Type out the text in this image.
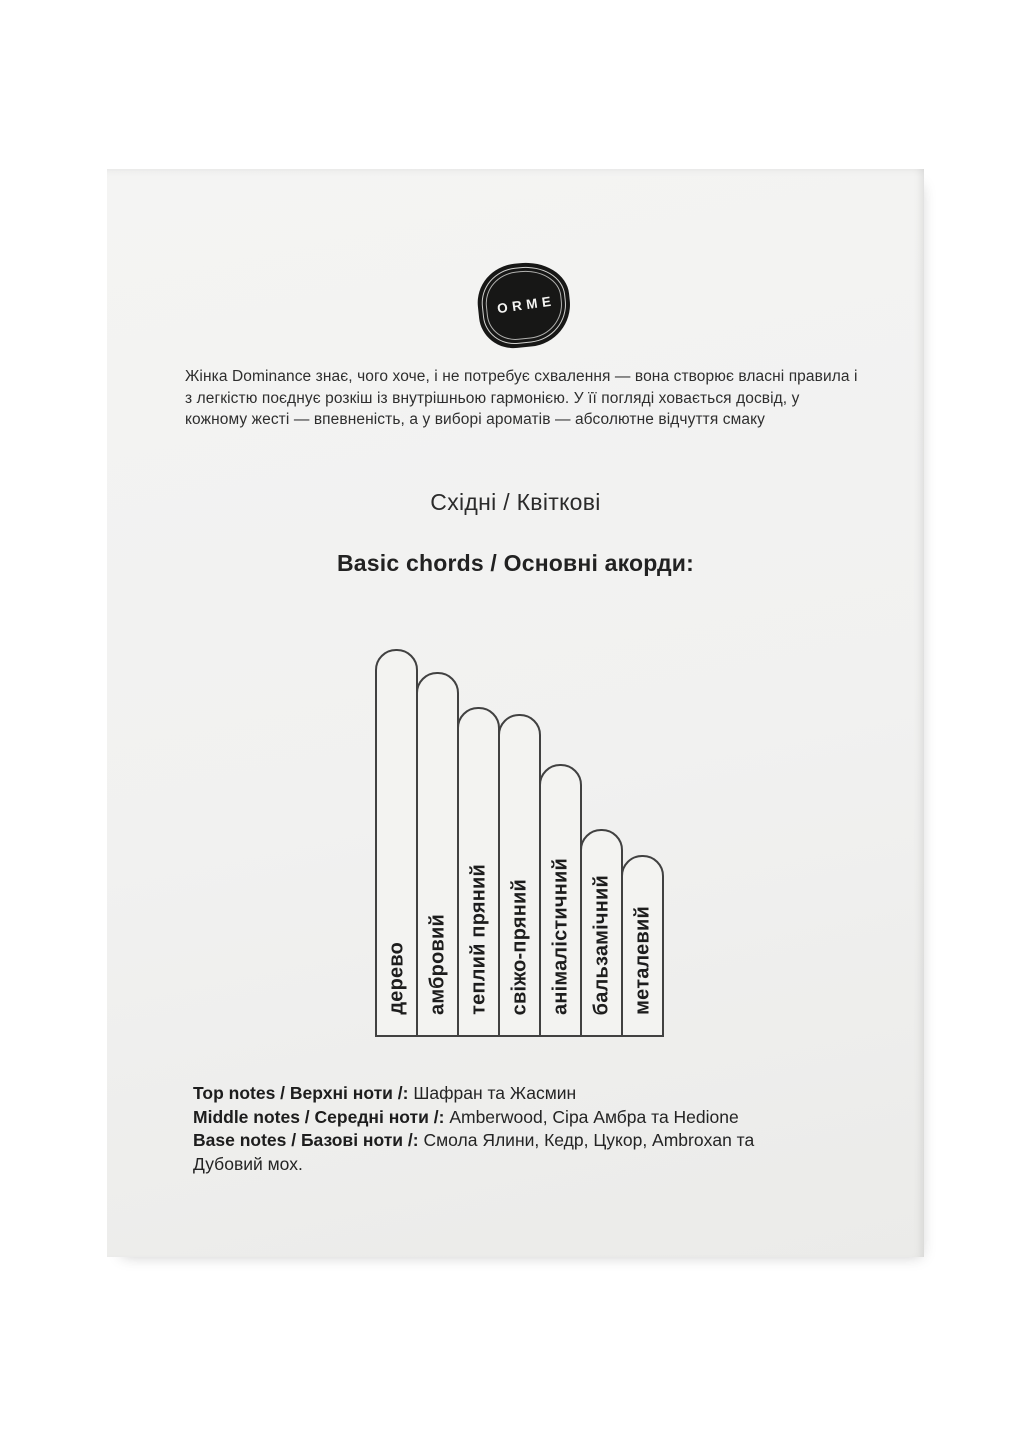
ORME
Жінка Dominance знає, чого хоче, і не потребує схвалення — вона створює власні правила і
з легкістю поєднує розкіш із внутрішньою гармонією. У її погляді ховається досвід, у
кожному жесті — впевненість, а у виборі ароматів — абсолютне відчуття смаку
Східні / Квіткові
Basic chords / Основні акорди:
дерево амбровий теплий пряний свіжо-пряний анімалістичний бальзамічний металевий
Top notes / Верхні ноти /: Шафран та Жасмин
Middle notes / Середні ноти /: Amberwood, Сіра Амбра та Hedione
Base notes / Базові ноти /: Смола Ялини, Кедр, Цукор, Ambroxan та Дубовий мох.
